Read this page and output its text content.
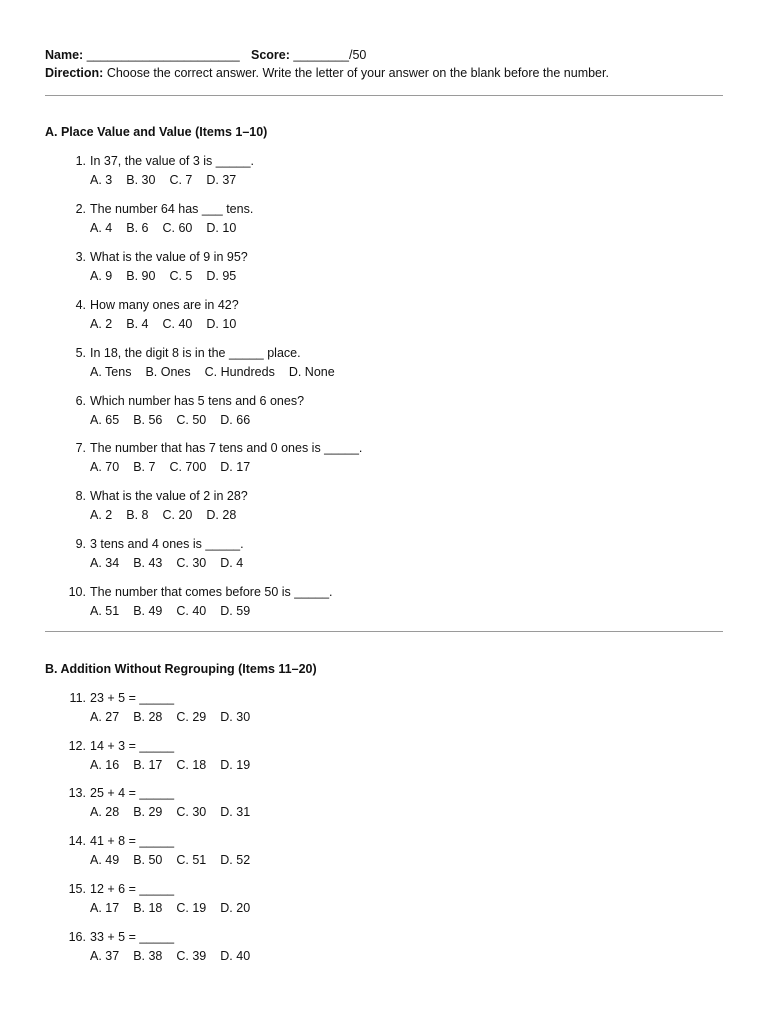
Name: ______________________ Score: ________/50
Direction: Choose the correct answer. Write the letter of your answer on the blank before the number.
A. Place Value and Value (Items 1–10)
1. In 37, the value of 3 is _____.
A. 3 B. 30 C. 7 D. 37
2. The number 64 has ___ tens.
A. 4 B. 6 C. 60 D. 10
3. What is the value of 9 in 95?
A. 9 B. 90 C. 5 D. 95
4. How many ones are in 42?
A. 2 B. 4 C. 40 D. 10
5. In 18, the digit 8 is in the _____ place.
A. Tens B. Ones C. Hundreds D. None
6. Which number has 5 tens and 6 ones?
A. 65 B. 56 C. 50 D. 66
7. The number that has 7 tens and 0 ones is _____.
A. 70 B. 7 C. 700 D. 17
8. What is the value of 2 in 28?
A. 2 B. 8 C. 20 D. 28
9. 3 tens and 4 ones is _____.
A. 34 B. 43 C. 30 D. 4
10. The number that comes before 50 is _____.
A. 51 B. 49 C. 40 D. 59
B. Addition Without Regrouping (Items 11–20)
11. 23 + 5 = _____
A. 27 B. 28 C. 29 D. 30
12. 14 + 3 = _____
A. 16 B. 17 C. 18 D. 19
13. 25 + 4 = _____
A. 28 B. 29 C. 30 D. 31
14. 41 + 8 = _____
A. 49 B. 50 C. 51 D. 52
15. 12 + 6 = _____
A. 17 B. 18 C. 19 D. 20
16. 33 + 5 = _____
A. 37 B. 38 C. 39 D. 40
